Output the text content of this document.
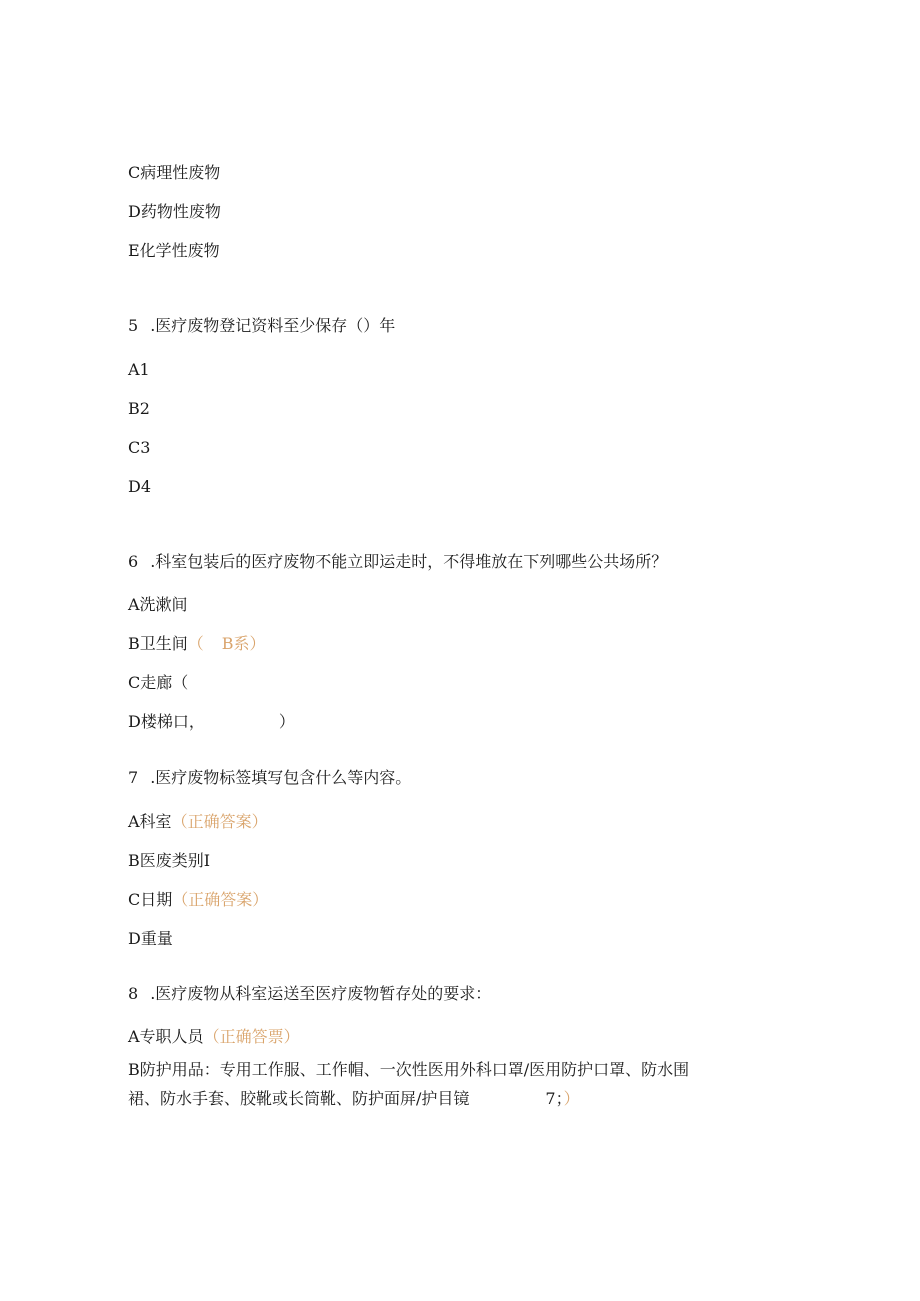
C病理性废物
D药物性废物
E化学性废物
5 .医疗废物登记资料至少保存（）年
A1
B2
C3
D4
6 .科室包装后的医疗废物不能立即运走时，不得堆放在下列哪些公共场所？
A洗漱间
B卫生间（ B系）
C走廊（
D楼梯口，	）
7 .医疗废物标签填写包含什么等内容。
A科室（正确答案）
B医废类别I
C日期（正确答案）
D重量
8 .医疗废物从科室运送至医疗废物暂存处的要求：
A专职人员（正确答票）
B防护用品：专用工作服、工作帽、一次性医用外科口罩/医用防护口罩、防水围
裙、防水手套、胶靴或长筒靴、防护面屏/护目镜	7；）
